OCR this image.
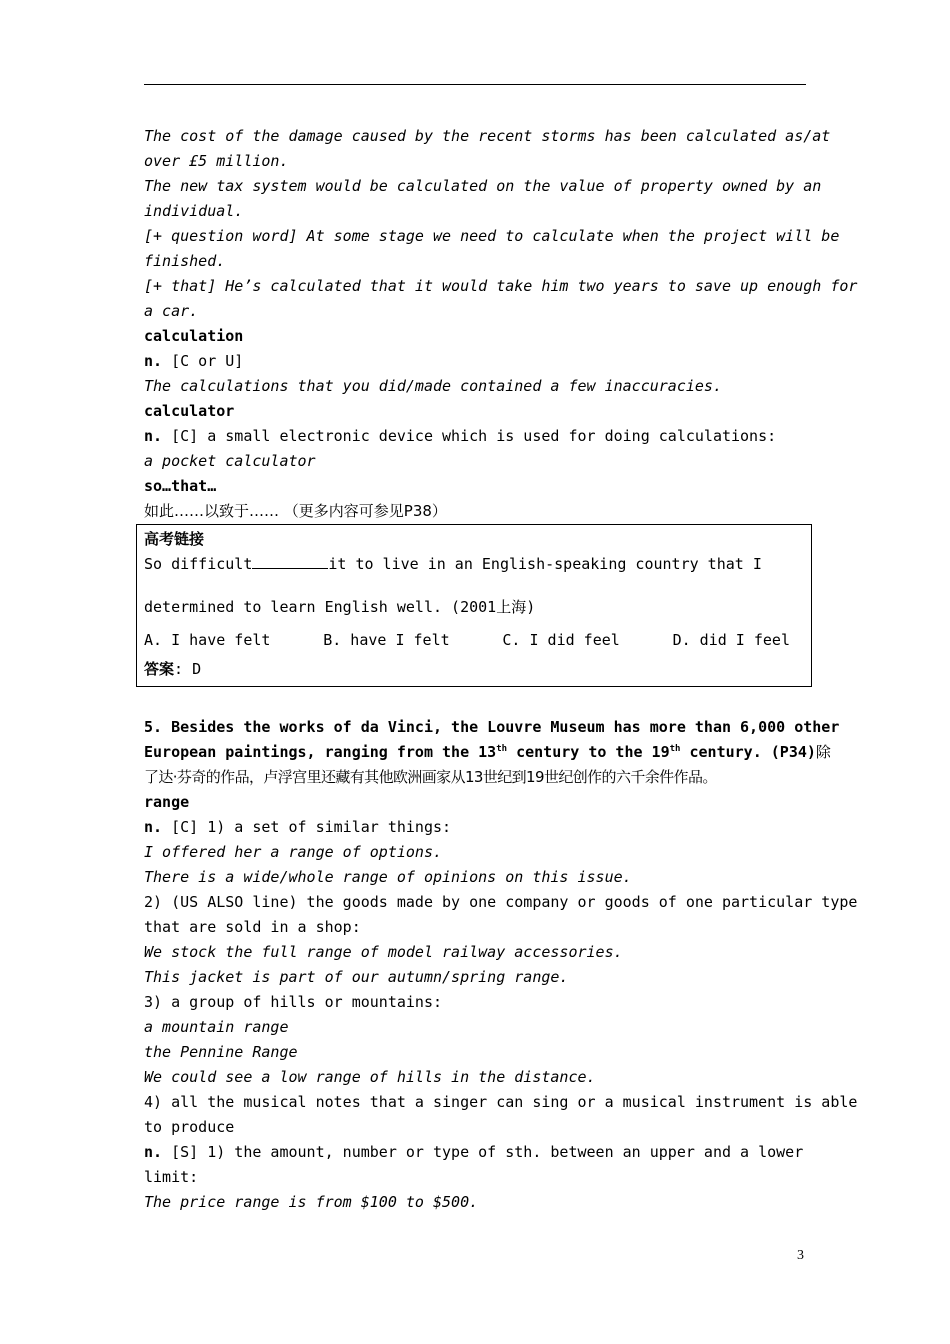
The cost of the damage caused by the recent storms has been calculated as/at
over £5 million.
The new tax system would be calculated on the value of property owned by an
individual.
[+ question word] At some stage we need to calculate when the project will be
finished.
[+ that] He’s calculated that it would take him two years to save up enough for
a car.
calculation
n. [C or U]
The calculations that you did/made contained a few inaccuracies.
calculator
n. [C] a small electronic device which is used for doing calculations:
a pocket calculator
so…that…
如此……以致于…… （更多内容可参见P38）
高考链接
So difficult	it to live in an English-speaking country that I
determined to learn English well. (2001上海)
A. I have felt	B. have I felt	C. I did feel	D. did I feel
答案: D
5. Besides the works of da Vinci, the Louvre Museum has more than 6,000 other
European paintings, ranging from the 13th century to the 19th century. (P34) 除
了达·芬奇的作品，卢浮宫里还藏有其他欧洲画家从13世纪到19世纪创作的六千余件作品。
range
n. [C] 1) a set of similar things:
I offered her a range of options.
There is a wide/whole range of opinions on this issue.
2) (US ALSO line) the goods made by one company or goods of one particular type
that are sold in a shop:
We stock the full range of model railway accessories.
This jacket is part of our autumn/spring range.
3) a group of hills or mountains:
a mountain range
the Pennine Range
We could see a low range of hills in the distance.
4) all the musical notes that a singer can sing or a musical instrument is able
to produce
n. [S] 1) the amount, number or type of sth. between an upper and a lower
limit:
The price range is from $100 to $500.
3
